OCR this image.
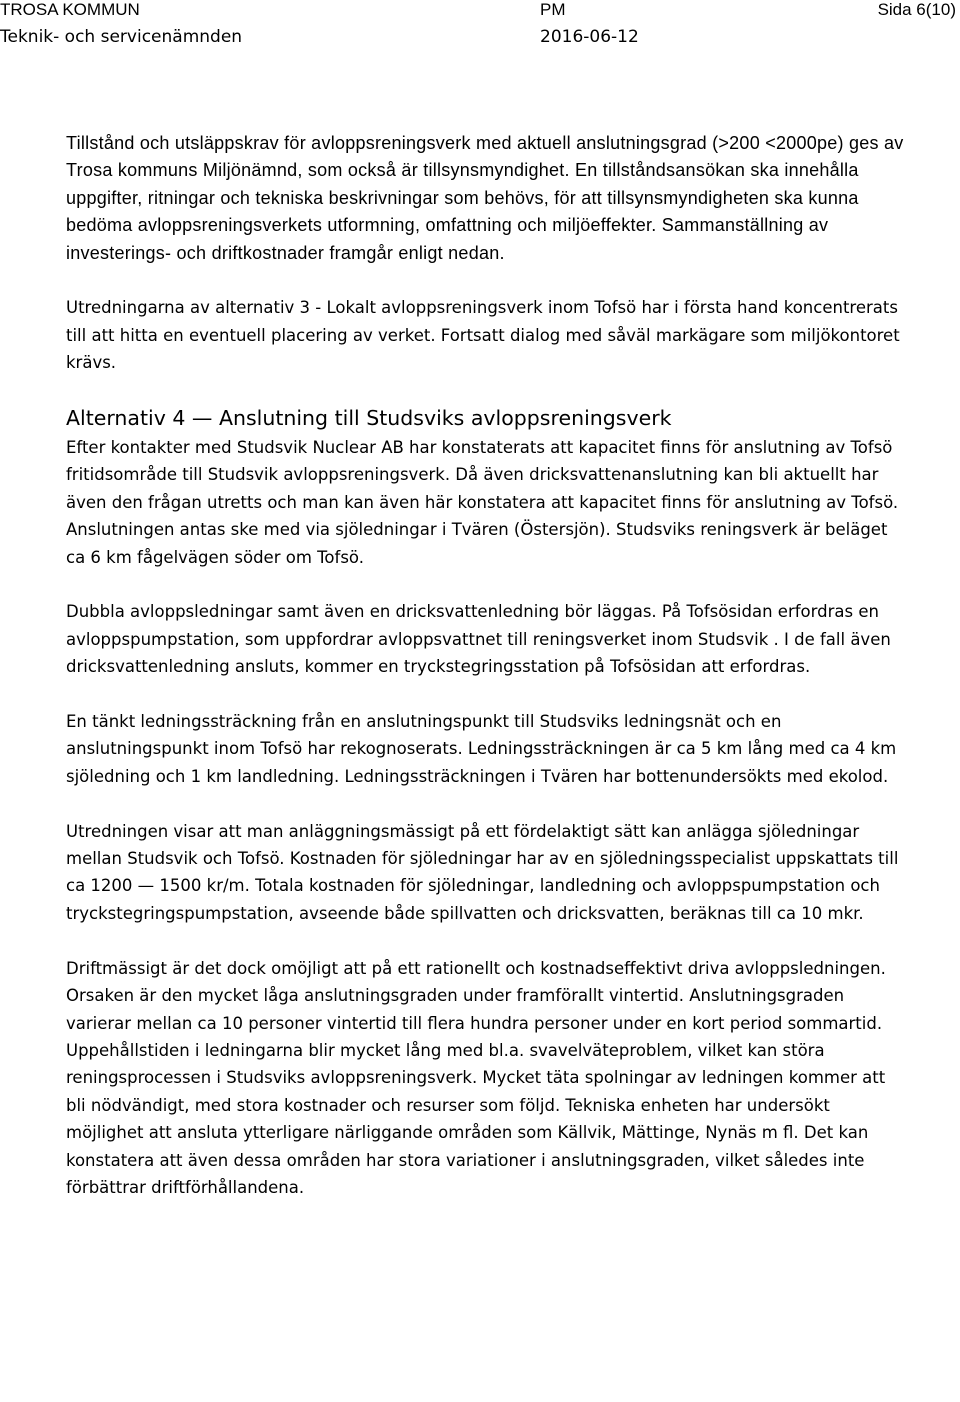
TROSA KOMMUN
Teknik- och servicenämnden
PM
2016-06-12
Sida 6(10)

Tillstånd och utsläppskrav för avloppsreningsverk med aktuell anslutningsgrad (>200 <2000pe) ges av Trosa kommuns Miljönämnd, som också är tillsynsmyndighet. En tillståndsansökan ska innehålla uppgifter, ritningar och tekniska beskrivningar som behövs, för att tillsynsmyndigheten ska kunna bedöma avloppsreningsverkets utformning, omfattning och miljöeffekter. Sammanställning av investerings- och driftkostnader framgår enligt nedan.

Utredningarna av alternativ 3 - Lokalt avloppsreningsverk inom Tofsö har i första hand koncentrerats till att hitta en eventuell placering av verket. Fortsatt dialog med såväl markägare som miljökontoret krävs.

Alternativ 4 — Anslutning till Studsviks avloppsreningsverk

Efter kontakter med Studsvik Nuclear AB har konstaterats att kapacitet finns för anslutning av Tofsö fritidsområde till Studsvik avloppsreningsverk. Då även dricksvattenanslutning kan bli aktuellt har även den frågan utretts och man kan även här konstatera att kapacitet finns för anslutning av Tofsö. Anslutningen antas ske med via sjöledningar i Tvären (Östersjön). Studsviks reningsverk är beläget ca 6 km fågelvägen söder om Tofsö.

Dubbla avloppsledningar samt även en dricksvattenledning bör läggas. På Tofsösidan erfordras en avloppspumpstation, som uppfordrar avloppsvattnet till reningsverket inom Studsvik . I de fall även dricksvattenledning ansluts, kommer en tryckstegringsstation på Tofsösidan att erfordras.

En tänkt ledningssträckning från en anslutningspunkt till Studsviks ledningsnät och en anslutningspunkt inom Tofsö har rekognoserats. Ledningssträckningen är ca 5 km lång med ca 4 km sjöledning och 1 km landledning. Ledningssträckningen i Tvären har bottenundersökts med ekolod.

Utredningen visar att man anläggningsmässigt på ett fördelaktigt sätt kan anlägga sjöledningar mellan Studsvik och Tofsö. Kostnaden för sjöledningar har av en sjöledningsspecialist uppskattats till ca 1200 — 1500 kr/m. Totala kostnaden för sjöledningar, landledning och avloppspumpstation och tryckstegringspumpstation, avseende både spillvatten och dricksvatten, beräknas till ca 10 mkr.

Driftmässigt är det dock omöjligt att på ett rationellt och kostnadseffektivt driva avloppsledningen. Orsaken är den mycket låga anslutningsgraden under framförallt vintertid. Anslutningsgraden varierar mellan ca 10 personer vintertid till flera hundra personer under en kort period sommartid. Uppehållstiden i ledningarna blir mycket lång med bl.a. svavelväteproblem, vilket kan störa reningsprocessen i Studsviks avloppsreningsverk. Mycket täta spolningar av ledningen kommer att bli nödvändigt, med stora kostnader och resurser som följd. Tekniska enheten har undersökt möjlighet att ansluta ytterligare närliggande områden som Källvik, Mättinge, Nynäs m fl. Det kan konstatera att även dessa områden har stora variationer i anslutningsgraden, vilket således inte förbättrar driftförhållandena.
